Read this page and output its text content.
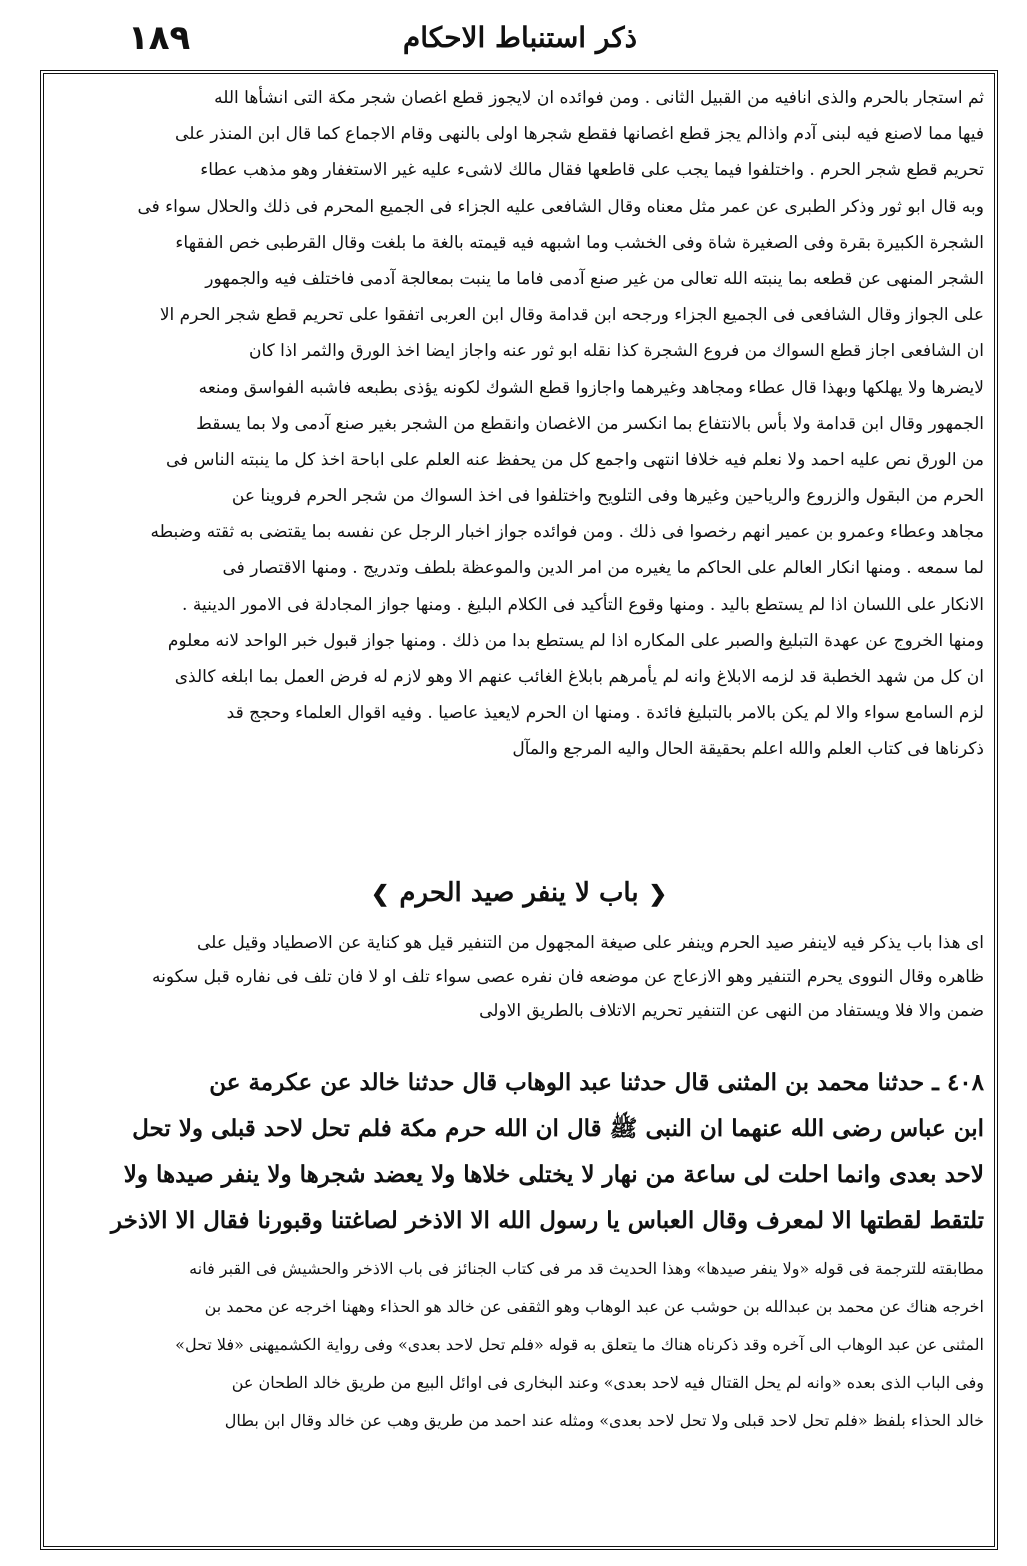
١٨٩	ذكر استنباط الاحكام
ثم استجار بالحرم والذى انافيه من القبيل الثانى . ومن فوائده ان لايجوز قطع اغصان شجر مكة التى انشأها الله
فيها مما لاصنع فيه لبنى آدم واذالم يجز قطع اغصانها فقطع شجرها اولى بالنهى وقام الاجماع كما قال ابن المنذر على
تحريم قطع شجر الحرم . واختلفوا فيما يجب على قاطعها فقال مالك لاشىء عليه غير الاستغفار وهو مذهب عطاء
وبه قال ابو ثور وذكر الطبرى عن عمر مثل معناه وقال الشافعى عليه الجزاء فى الجميع المحرم فى ذلك والحلال سواء فى
الشجرة الكبيرة بقرة وفى الصغيرة شاة وفى الخشب وما اشبهه فيه قيمته بالغة ما بلغت وقال القرطبى خص الفقهاء
الشجر المنهى عن قطعه بما ينبته الله تعالى من غير صنع آدمى فاما ما ينبت بمعالجة آدمى فاختلف فيه والجمهور
على الجواز وقال الشافعى فى الجميع الجزاء ورجحه ابن قدامة وقال ابن العربى اتفقوا على تحريم قطع شجر الحرم الا
ان الشافعى اجاز قطع السواك من فروع الشجرة كذا نقله ابو ثور عنه واجاز ايضا اخذ الورق والثمر اذا كان
لايضرها ولا يهلكها وبهذا قال عطاء ومجاهد وغيرهما واجازوا قطع الشوك لكونه يؤذى بطبعه فاشبه الفواسق ومنعه
الجمهور وقال ابن قدامة ولا بأس بالانتفاع بما انكسر من الاغصان وانقطع من الشجر بغير صنع آدمى ولا بما يسقط
من الورق نص عليه احمد ولا نعلم فيه خلافا انتهى واجمع كل من يحفظ عنه العلم على اباحة اخذ كل ما ينبته الناس فى
الحرم من البقول والزروع والرياحين وغيرها وفى التلويح واختلفوا فى اخذ السواك من شجر الحرم فروينا عن
مجاهد وعطاء وعمرو بن عمير انهم رخصوا فى ذلك . ومن فوائده جواز اخبار الرجل عن نفسه بما يقتضى به ثقته وضبطه
لما سمعه . ومنها انكار العالم على الحاكم ما يغيره من امر الدين والموعظة بلطف وتدريج . ومنها الاقتصار فى
الانكار على اللسان اذا لم يستطع باليد . ومنها وقوع التأكيد فى الكلام البليغ . ومنها جواز المجادلة فى الامور الدينية .
ومنها الخروج عن عهدة التبليغ والصبر على المكاره اذا لم يستطع بدا من ذلك . ومنها جواز قبول خبر الواحد لانه معلوم
ان كل من شهد الخطبة قد لزمه الابلاغ وانه لم يأمرهم بابلاغ الغائب عنهم الا وهو لازم له فرض العمل بما ابلغه كالذى
لزم السامع سواء والا لم يكن بالامر بالتبليغ فائدة . ومنها ان الحرم لايعيذ عاصيا . وفيه اقوال العلماء وحجج قد
ذكرناها فى كتاب العلم والله اعلم بحقيقة الحال واليه المرجع والمآل
❮باب لا ينفر صيد الحرم❯
اى هذا باب يذكر فيه لاينفر صيد الحرم وينفر على صيغة المجهول من التنفير قيل هو كناية عن الاصطياد وقيل على
ظاهره وقال النووى يحرم التنفير وهو الازعاج عن موضعه فان نفره عصى سواء تلف او لا فان تلف فى نفاره قبل سكونه
ضمن والا فلا ويستفاد من النهى عن التنفير تحريم الاتلاف بالطريق الاولى
٤٠٨ ـ حدثنا محمد بن المثنى قال حدثنا عبد الوهاب قال حدثنا خالد عن عكرمة عن
ابن عباس رضى الله عنهما ان النبى ﷺ قال ان الله حرم مكة فلم تحل لاحد قبلى ولا تحل
لاحد بعدى وانما احلت لى ساعة من نهار لا يختلى خلاها ولا يعضد شجرها ولا ينفر صيدها ولا
تلتقط لقطتها الا لمعرف وقال العباس يا رسول الله الا الاذخر لصاغتنا وقبورنا فقال الا الاذخر
مطابقته للترجمة فى قوله «ولا ينفر صيدها» وهذا الحديث قد مر فى كتاب الجنائز فى باب الاذخر والحشيش فى القبر فانه
اخرجه هناك عن محمد بن عبدالله بن حوشب عن عبد الوهاب وهو الثقفى عن خالد هو الحذاء وههنا اخرجه عن محمد بن
المثنى عن عبد الوهاب الى آخره وقد ذكرناه هناك ما يتعلق به قوله «فلم تحل لاحد بعدى» وفى رواية الكشميهنى «فلا تحل»
وفى الباب الذى بعده «وانه لم يحل القتال فيه لاحد بعدى» وعند البخارى فى اوائل البيع من طريق خالد الطحان عن
خالد الحذاء بلفظ «فلم تحل لاحد قبلى ولا تحل لاحد بعدى» ومثله عند احمد من طريق وهب عن خالد وقال ابن بطال
